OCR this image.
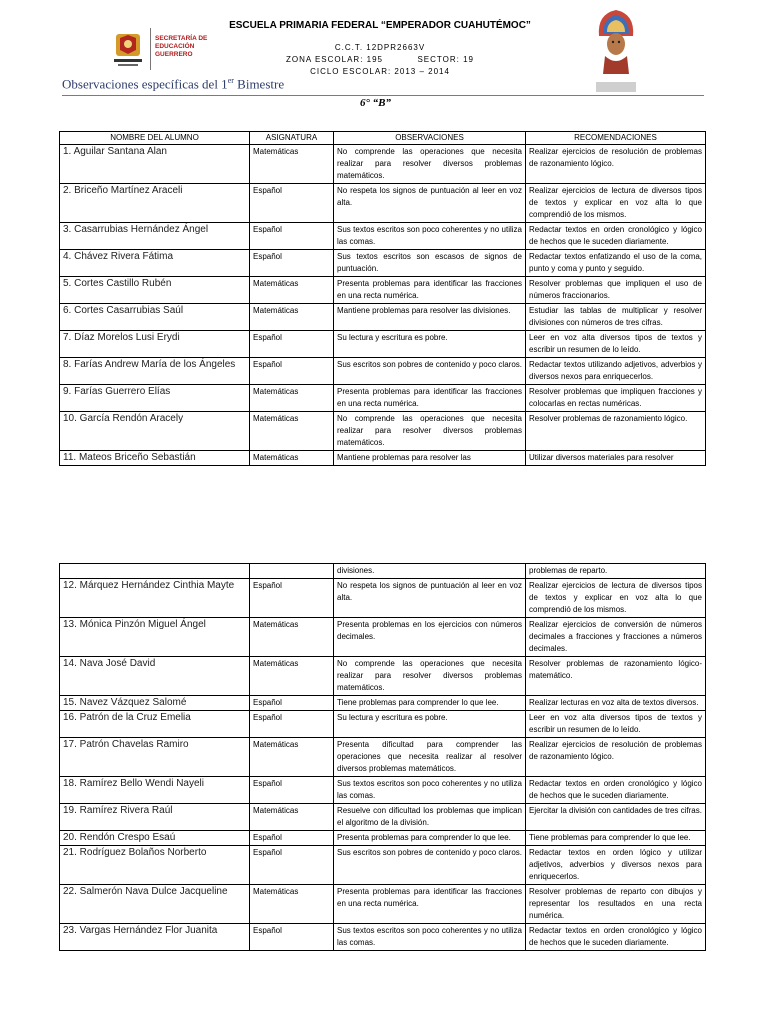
SECRETARÍA DE EDUCACIÓN GUERRERO
ESCUELA PRIMARIA FEDERAL “EMPERADOR CUAHUTÉMOC”
C.C.T. 12DPR2663V
ZONA ESCOLAR: 195	SECTOR: 19
CICLO ESCOLAR: 2013 – 2014
Observaciones específicas del 1er Bimestre
6° “B”
NOMBRE DEL ALUMNO	ASIGNATURA	OBSERVACIONES	RECOMENDACIONES
1. Aguilar Santana Alan	Matemáticas	No comprende las operaciones que necesita realizar para resolver diversos problemas matemáticos.	Realizar ejercicios de resolución de problemas de razonamiento lógico.
2. Briceño Martínez Araceli	Español	No respeta los signos de puntuación al leer en voz alta.	Realizar ejercicios de lectura de diversos tipos de textos y explicar en voz alta lo que comprendió de los mismos.
3. Casarrubias Hernández Ángel	Español	Sus textos escritos son poco coherentes y no utiliza las comas.	Redactar textos en orden cronológico y lógico de hechos que le suceden diariamente.
4. Chávez Rivera Fátima	Español	Sus textos escritos son escasos de signos de puntuación.	Redactar textos enfatizando el uso de la coma, punto y coma y punto y seguido.
5. Cortes Castillo Rubén	Matemáticas	Presenta problemas para identificar las fracciones en una recta numérica.	Resolver problemas que impliquen el uso de números fraccionarios.
6. Cortes Casarrubias Saúl	Matemáticas	Mantiene problemas para resolver las divisiones.	Estudiar las tablas de multiplicar y resolver divisiones con números de tres cifras.
7. Díaz Morelos Lusi Erydi	Español	Su lectura y escritura es pobre.	Leer en voz alta diversos tipos de textos y escribir un resumen de lo leído.
8. Farías Andrew María de los Ángeles	Español	Sus escritos son pobres de contenido y poco claros.	Redactar textos utilizando adjetivos, adverbios y diversos nexos para enriquecerlos.
9. Farías Guerrero Elías	Matemáticas	Presenta problemas para identificar las fracciones en una recta numérica.	Resolver problemas que impliquen fracciones y colocarlas en rectas numéricas.
10. García Rendón Aracely	Matemáticas	No comprende las operaciones que necesita realizar para resolver diversos problemas matemáticos.	Resolver problemas de razonamiento lógico.
11. Mateos Briceño Sebastián	Matemáticas	Mantiene problemas para resolver las	Utilizar diversos materiales para resolver
		divisiones.	problemas de reparto.
12. Márquez Hernández Cinthia Mayte	Español	No respeta los signos de puntuación al leer en voz alta.	Realizar ejercicios de lectura de diversos tipos de textos y explicar en voz alta lo que comprendió de los mismos.
13. Mónica Pinzón Miguel Ángel	Matemáticas	Presenta problemas en los ejercicios con números decimales.	Realizar ejercicios de conversión de números decimales a fracciones y fracciones a números decimales.
14. Nava José David	Matemáticas	No comprende las operaciones que necesita realizar para resolver diversos problemas matemáticos.	Resolver problemas de razonamiento lógico-matemático.
15. Navez Vázquez Salomé	Español	Tiene problemas para comprender lo que lee.	Realizar lecturas en voz alta de textos diversos.
16. Patrón de la Cruz Emelia	Español	Su lectura y escritura es pobre.	Leer en voz alta diversos tipos de textos y escribir un resumen de lo leído.
17. Patrón Chavelas Ramiro	Matemáticas	Presenta dificultad para comprender las operaciones que necesita realizar al resolver diversos problemas matemáticos.	Realizar ejercicios de resolución de problemas de razonamiento lógico.
18. Ramírez Bello Wendi Nayeli	Español	Sus textos escritos son poco coherentes y no utiliza las comas.	Redactar textos en orden cronológico y lógico de hechos que le suceden diariamente.
19. Ramírez Rivera Raúl	Matemáticas	Resuelve con dificultad los problemas que implican el algoritmo de la división.	Ejercitar la división con cantidades de tres cifras.
20. Rendón Crespo Esaú	Español	Presenta problemas para comprender lo que lee.	Tiene problemas para comprender lo que lee.
21. Rodríguez Bolaños Norberto	Español	Sus escritos son pobres de contenido y poco claros.	Redactar textos en orden lógico y utilizar adjetivos, adverbios y diversos nexos para enriquecerlos.
22. Salmerón Nava Dulce Jacqueline	Matemáticas	Presenta problemas para identificar las fracciones en una recta numérica.	Resolver problemas de reparto con dibujos y representar los resultados en una recta numérica.
23. Vargas Hernández Flor Juanita	Español	Sus textos escritos son poco coherentes y no utiliza las comas.	Redactar textos en orden cronológico y lógico de hechos que le suceden diariamente.
